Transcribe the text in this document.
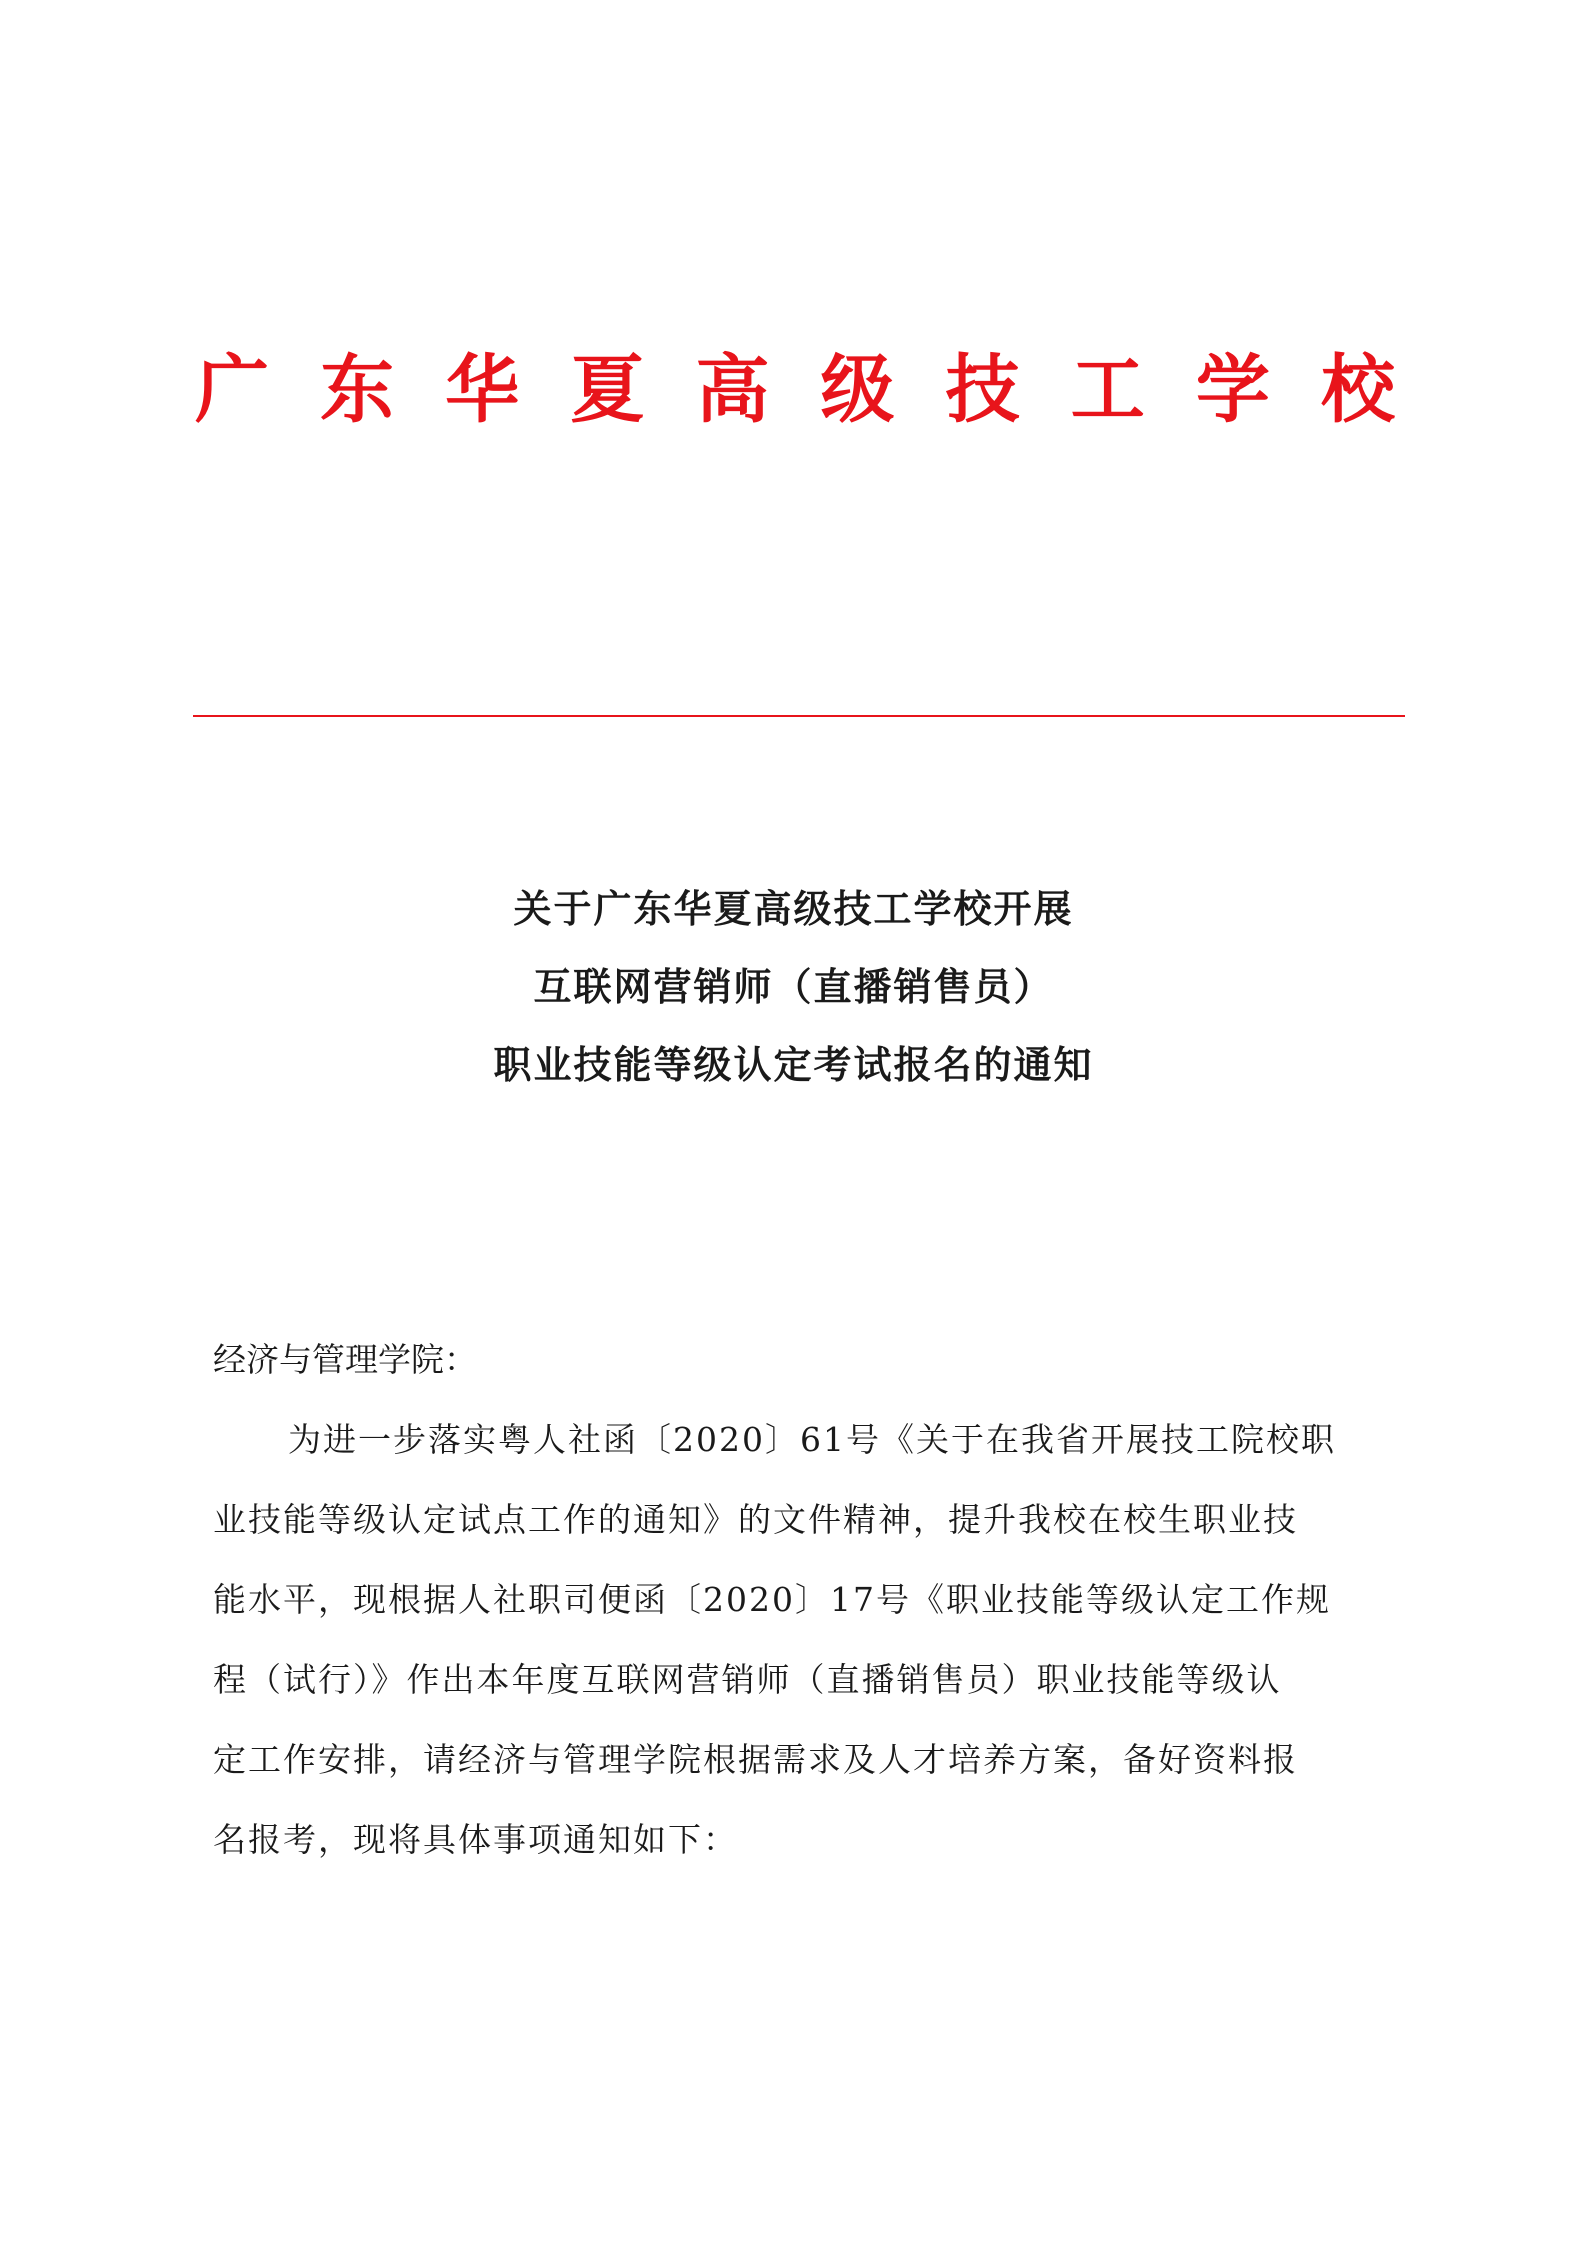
广 东 华 夏 高 级 技 工 学 校
关于广东华夏高级技工学校开展
互联网营销师（直播销售员）
职业技能等级认定考试报名的通知
经济与管理学院：
为进一步落实粤人社函〔2020〕61号《关于在我省开展技工院校职
业技能等级认定试点工作的通知》的文件精神，提升我校在校生职业技
能水平，现根据人社职司便函〔2020〕17号《职业技能等级认定工作规
程（试行）》作出本年度互联网营销师（直播销售员）职业技能等级认
定工作安排，请经济与管理学院根据需求及人才培养方案，备好资料报
名报考，现将具体事项通知如下：
